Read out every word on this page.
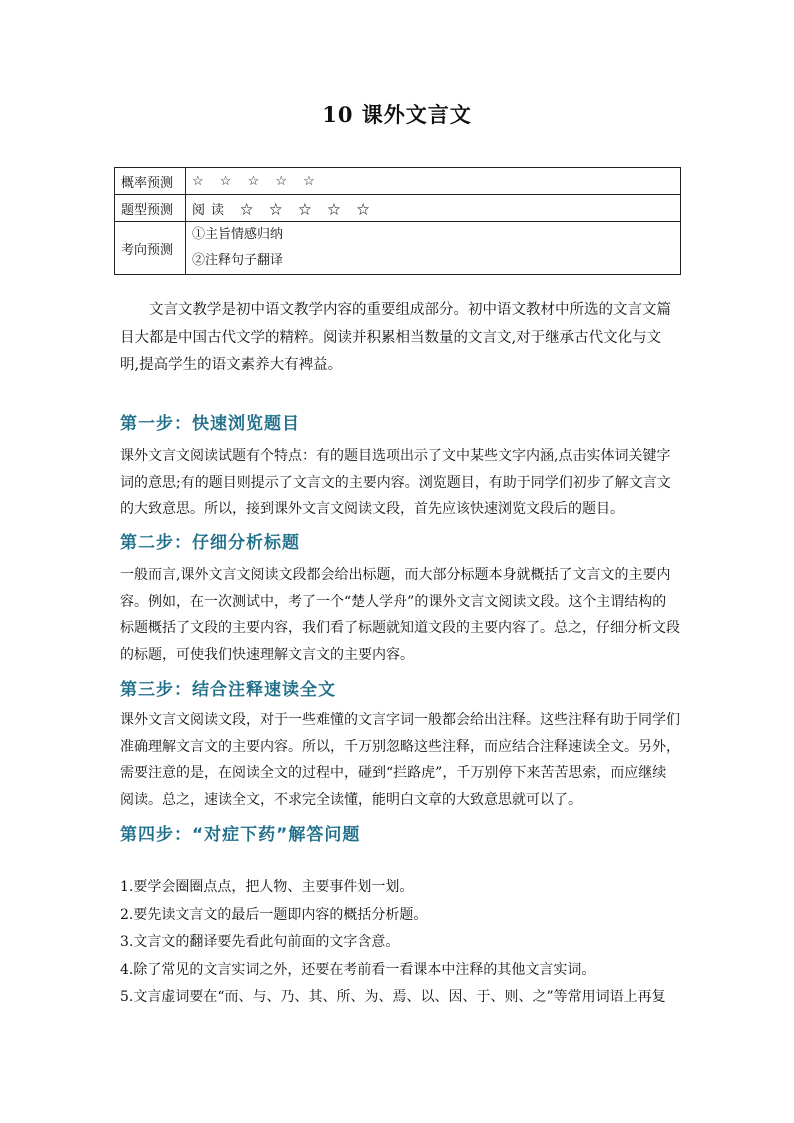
10 课外文言文
概率预测	☆ ☆ ☆ ☆ ☆
题型预测	阅读 ☆ ☆ ☆ ☆ ☆
考向预测	①主旨情感归纳
②注释句子翻译

文言文教学是初中语文教学内容的重要组成部分。初中语文教材中所选的文言文篇目大都是中国古代文学的精粹。阅读并积累相当数量的文言文,对于继承古代文化与文明,提高学生的语文素养大有裨益。

第一步：快速浏览题目

课外文言文阅读试题有个特点：有的题目选项出示了文中某些文字内涵,点击实体词关键字词的意思;有的题目则提示了文言文的主要内容。浏览题目，有助于同学们初步了解文言文的大致意思。所以，接到课外文言文阅读文段，首先应该快速浏览文段后的题目。

第二步：仔细分析标题

一般而言,课外文言文阅读文段都会给出标题，而大部分标题本身就概括了文言文的主要内容。例如，在一次测试中，考了一个“楚人学舟”的课外文言文阅读文段。这个主谓结构的标题概括了文段的主要内容，我们看了标题就知道文段的主要内容了。总之，仔细分析文段的标题，可使我们快速理解文言文的主要内容。

第三步：结合注释速读全文

课外文言文阅读文段，对于一些难懂的文言字词一般都会给出注释。这些注释有助于同学们准确理解文言文的主要内容。所以，千万别忽略这些注释，而应结合注释速读全文。另外，需要注意的是，在阅读全文的过程中，碰到“拦路虎”，千万别停下来苦苦思索，而应继续阅读。总之，速读全文，不求完全读懂，能明白文章的大致意思就可以了。

第四步：“对症下药”解答问题
1.要学会圈圈点点，把人物、主要事件划一划。
2.要先读文言文的最后一题即内容的概括分析题。
3.文言文的翻译要先看此句前面的文字含意。
4.除了常见的文言实词之外，还要在考前看一看课本中注释的其他文言实词。
5.文言虚词要在“而、与、乃、其、所、为、焉、以、因、于、则、之”等常用词语上再复
